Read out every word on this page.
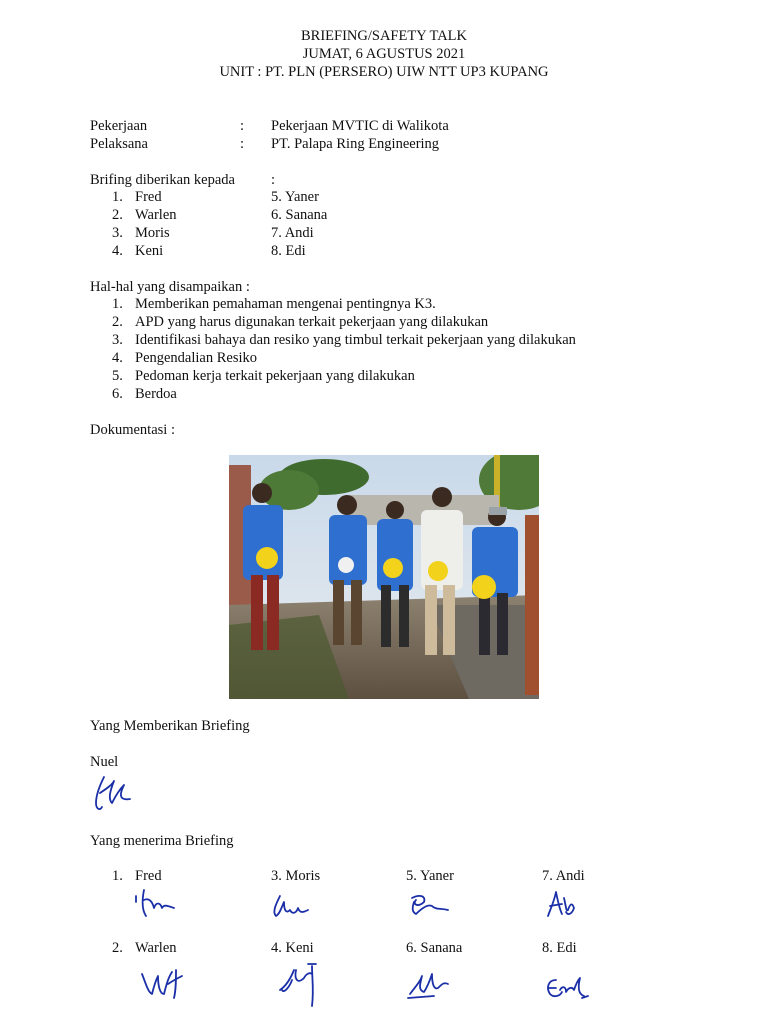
BRIEFING/SAFETY TALK
JUMAT, 6 AGUSTUS 2021
UNIT : PT. PLN (PERSERO) UIW NTT UP3 KUPANG
Pekerjaan	: Pekerjaan MVTIC di Walikota
Pelaksana	: PT. Palapa Ring Engineering
Brifing diberikan kepada :
1. Fred
2. Warlen
3. Moris
4. Keni
5. Yaner
6. Sanana
7. Andi
8. Edi
Hal-hal yang disampaikan :
1. Memberikan pemahaman mengenai pentingnya K3.
2. APD yang harus digunakan terkait pekerjaan yang dilakukan
3. Identifikasi bahaya dan resiko yang timbul terkait pekerjaan yang dilakukan
4. Pengendalian Resiko
5. Pedoman kerja terkait pekerjaan yang dilakukan
6. Berdoa
Dokumentasi :
Yang Memberikan Briefing
Nuel
Yang menerima Briefing
1. Fred	3. Moris	5. Yaner	7. Andi
2. Warlen	4. Keni	6. Sanana	8. Edi
